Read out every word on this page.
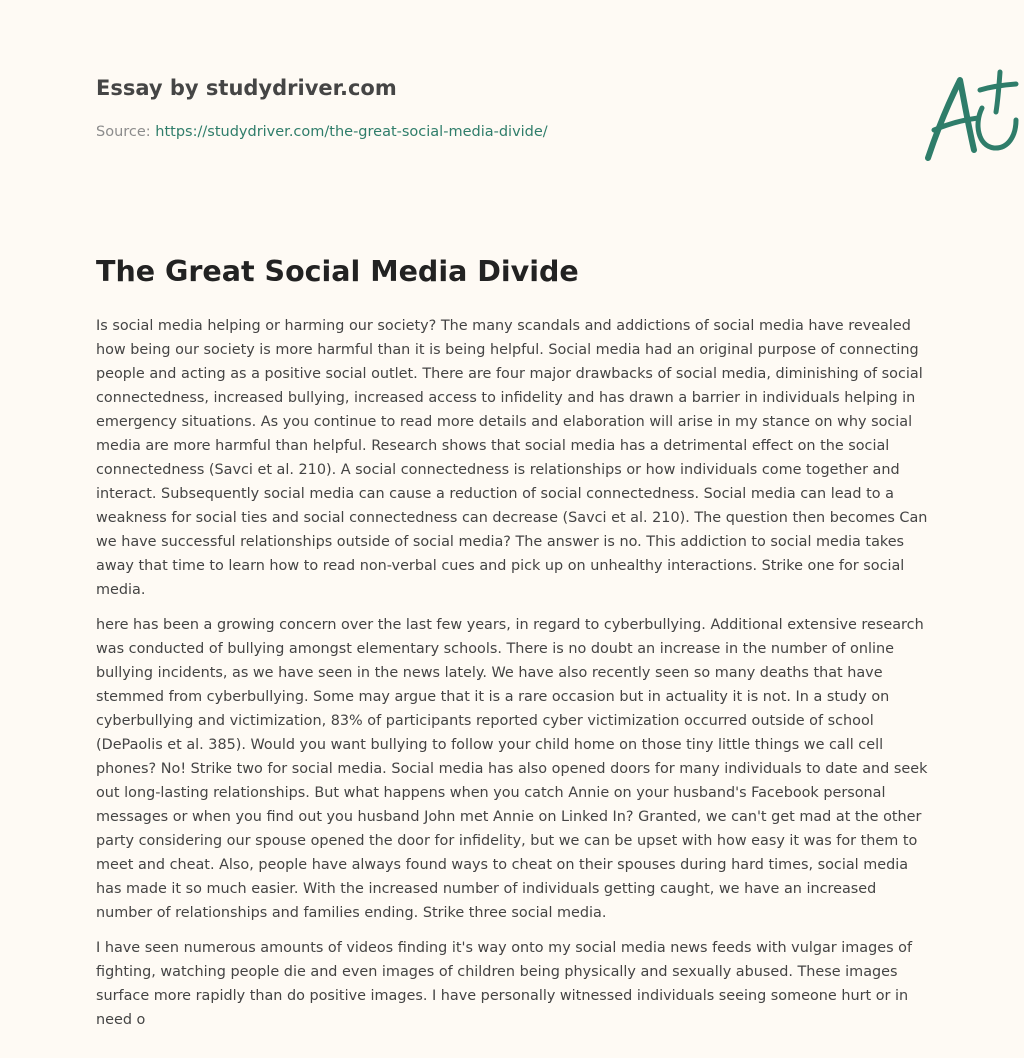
Essay by studydriver.com
Source: https://studydriver.com/the-great-social-media-divide/
The Great Social Media Divide

Is social media helping or harming our society? The many scandals and addictions of social media have revealed how being our society is more harmful than it is being helpful. Social media had an original purpose of connecting people and acting as a positive social outlet. There are four major drawbacks of social media, diminishing of social connectedness, increased bullying, increased access to infidelity and has drawn a barrier in individuals helping in emergency situations. As you continue to read more details and elaboration will arise in my stance on why social media are more harmful than helpful. Research shows that social media has a detrimental effect on the social connectedness (Savci et al. 210). A social connectedness is relationships or how individuals come together and interact. Subsequently social media can cause a reduction of social connectedness. Social media can lead to a weakness for social ties and social connectedness can decrease (Savci et al. 210). The question then becomes Can we have successful relationships outside of social media? The answer is no. This addiction to social media takes away that time to learn how to read non-verbal cues and pick up on unhealthy interactions. Strike one for social media.

here has been a growing concern over the last few years, in regard to cyberbullying. Additional extensive research was conducted of bullying amongst elementary schools. There is no doubt an increase in the number of online bullying incidents, as we have seen in the news lately. We have also recently seen so many deaths that have stemmed from cyberbullying. Some may argue that it is a rare occasion but in actuality it is not. In a study on cyberbullying and victimization, 83% of participants reported cyber victimization occurred outside of school (DePaolis et al. 385). Would you want bullying to follow your child home on those tiny little things we call cell phones? No! Strike two for social media. Social media has also opened doors for many individuals to date and seek out long-lasting relationships. But what happens when you catch Annie on your husband's Facebook personal messages or when you find out you husband John met Annie on Linked In? Granted, we can't get mad at the other party considering our spouse opened the door for infidelity, but we can be upset with how easy it was for them to meet and cheat. Also, people have always found ways to cheat on their spouses during hard times, social media has made it so much easier. With the increased number of individuals getting caught, we have an increased number of relationships and families ending. Strike three social media.

I have seen numerous amounts of videos finding it's way onto my social media news feeds with vulgar images of fighting, watching people die and even images of children being physically and sexually abused. These images surface more rapidly than do positive images. I have personally witnessed individuals seeing someone hurt or in need o
